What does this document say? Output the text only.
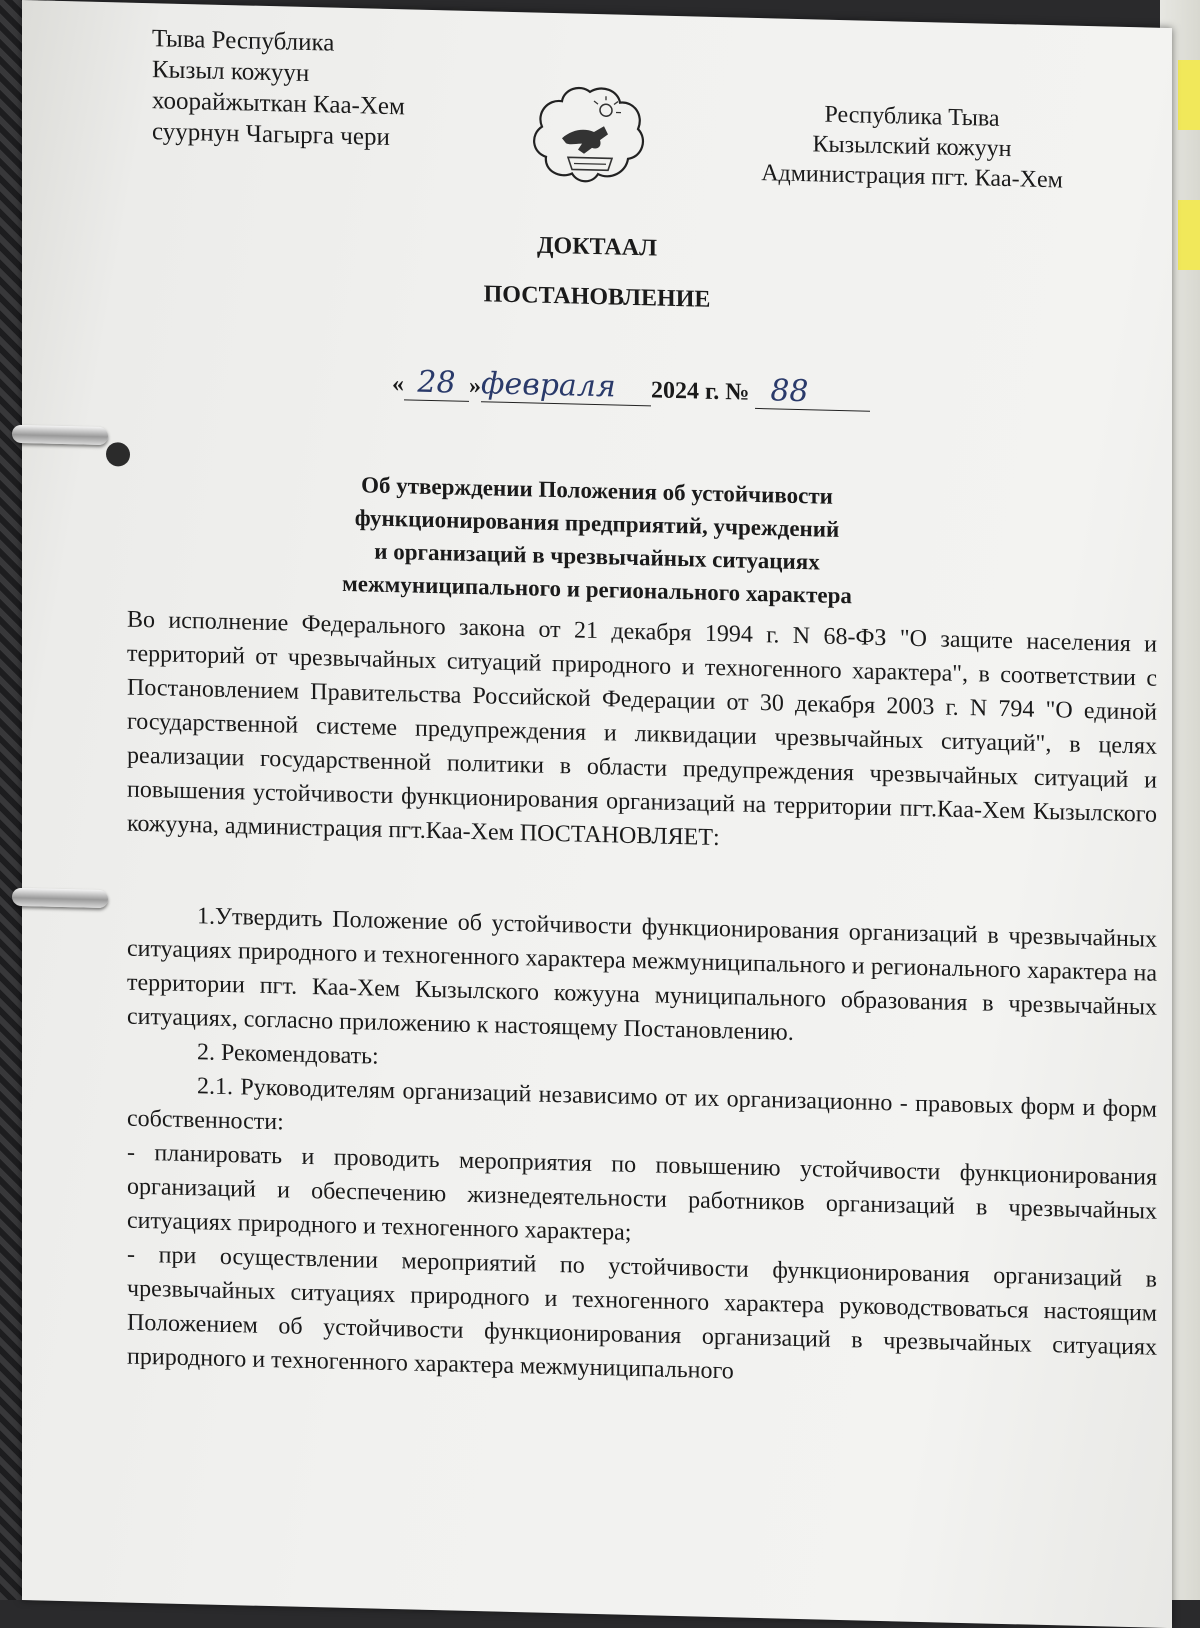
Тыва Республика
Кызыл кожуун
хоорайжыткан Каа-Хем
суурнун Чагырга чери
Республика Тыва
Кызылский кожуун
Администрация пгт. Каа-Хем
ДОКТААЛ
ПОСТАНОВЛЕНИЕ
« 28 »февраля 2024 г. № 88
Об утверждении Положения об устойчивости
функционирования предприятий, учреждений
и организаций в чрезвычайных ситуациях
межмуниципального и регионального характера

Во исполнение Федерального закона от 21 декабря 1994 г. N 68-ФЗ "О защите населения и территорий от чрезвычайных ситуаций природного и техногенного характера", в соответствии с Постановлением Правительства Российской Федерации от 30 декабря 2003 г. N 794 "О единой государственной системе предупреждения и ликвидации чрезвычайных ситуаций", в целях реализации государственной политики в области предупреждения чрезвычайных ситуаций и повышения устойчивости функционирования организаций на территории пгт.Каа-Хем Кызылского кожууна, администрация пгт.Каа-Хем ПОСТАНОВЛЯЕТ:

1.Утвердить Положение об устойчивости функционирования организаций в чрезвычайных ситуациях природного и техногенного характера межмуниципального и регионального характера на территории пгт. Каа-Хем Кызылского кожууна муниципального образования в чрезвычайных ситуациях, согласно приложению к настоящему Постановлению.

2. Рекомендовать:

2.1. Руководителям организаций независимо от их организационно - правовых форм и форм собственности:

- планировать и проводить мероприятия по повышению устойчивости функционирования организаций и обеспечению жизнедеятельности работников организаций в чрезвычайных ситуациях природного и техногенного характера;

- при осуществлении мероприятий по устойчивости функционирования организаций в чрезвычайных ситуациях природного и техногенного характера руководствоваться настоящим Положением об устойчивости функционирования организаций в чрезвычайных ситуациях природного и техногенного характера межмуниципального
